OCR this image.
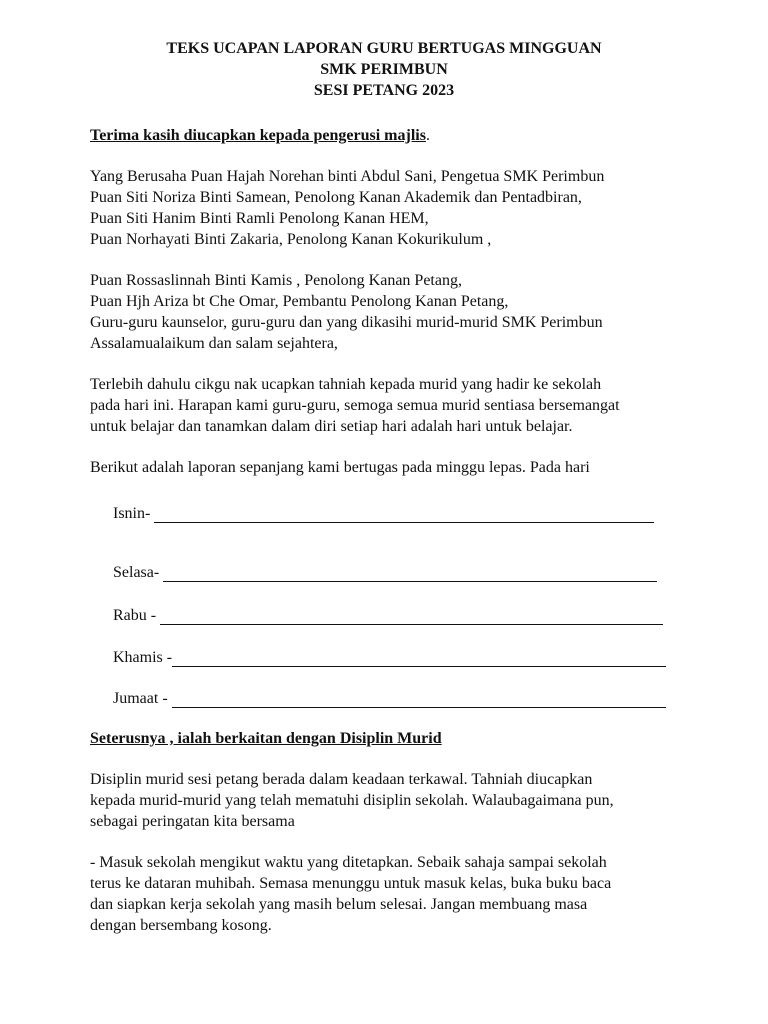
TEKS UCAPAN LAPORAN GURU BERTUGAS MINGGUAN
SMK PERIMBUN
SESI PETANG 2023

Terima kasih diucapkan kepada pengerusi majlis.

Yang Berusaha Puan Hajah Norehan binti Abdul Sani, Pengetua SMK Perimbun
Puan Siti Noriza Binti Samean, Penolong Kanan Akademik dan Pentadbiran,
Puan Siti Hanim Binti Ramli Penolong Kanan HEM,
Puan Norhayati Binti Zakaria, Penolong Kanan Kokurikulum ,

Puan Rossaslinnah Binti Kamis , Penolong Kanan Petang,
Puan Hjh Ariza bt Che Omar, Pembantu Penolong Kanan Petang,
Guru-guru kaunselor, guru-guru dan yang dikasihi murid-murid SMK Perimbun
Assalamualaikum dan salam sejahtera,

Terlebih dahulu cikgu nak ucapkan tahniah kepada murid yang hadir ke sekolah
pada hari ini. Harapan kami guru-guru, semoga semua murid sentiasa bersemangat
untuk belajar dan tanamkan dalam diri setiap hari adalah hari untuk belajar.

Berikut adalah laporan sepanjang kami bertugas pada minggu lepas. Pada hari

Isnin-
Selasa-
Rabu -
Khamis -
Jumaat -

Seterusnya , ialah berkaitan dengan Disiplin Murid

Disiplin murid sesi petang berada dalam keadaan terkawal. Tahniah diucapkan
kepada murid-murid yang telah mematuhi disiplin sekolah. Walaubagaimana pun,
sebagai peringatan kita bersama

- Masuk sekolah mengikut waktu yang ditetapkan. Sebaik sahaja sampai sekolah
terus ke dataran muhibah. Semasa menunggu untuk masuk kelas, buka buku baca
dan siapkan kerja sekolah yang masih belum selesai. Jangan membuang masa
dengan bersembang kosong.
